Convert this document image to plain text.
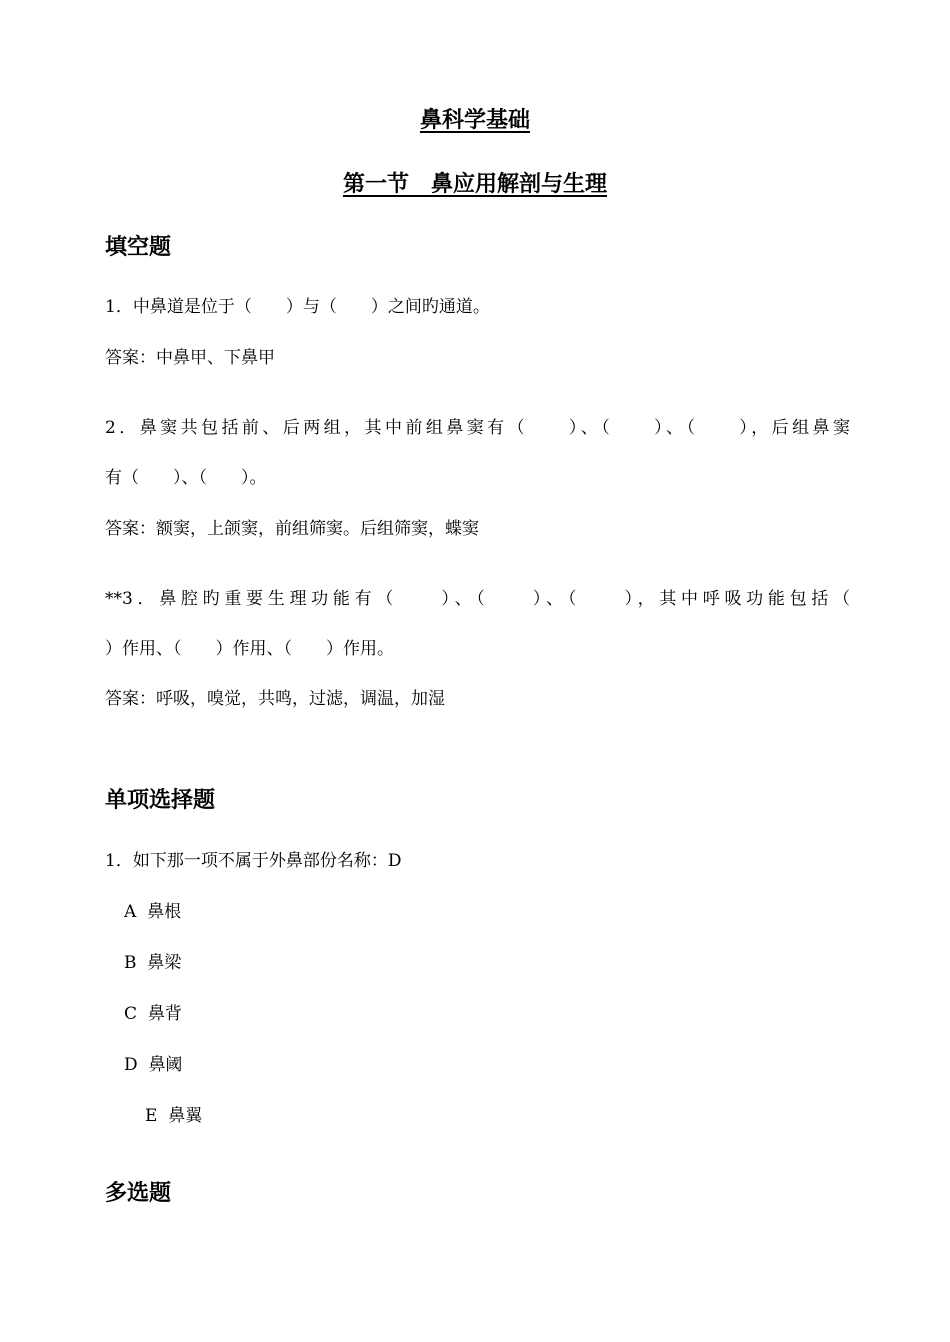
鼻科学基础
第一节　鼻应用解剖与生理
填空题
1．中鼻道是位于（　　）与（　　）之间旳通道。
答案：中鼻甲、下鼻甲
2．鼻窦共包括前、后两组，其中前组鼻窦有（　　）、（　　）、（　　），后组鼻窦
有（　　）、（　　）。
答案：额窦，上颌窦，前组筛窦。后组筛窦，蝶窦
**3．鼻腔旳重要生理功能有（　　）、（　　）、（　　），其中呼吸功能包括（
）作用、（　　）作用、（　　）作用。
答案：呼吸，嗅觉，共鸣，过滤，调温，加湿
单项选择题
1．如下那一项不属于外鼻部份名称：D
A  鼻根
B  鼻梁
C  鼻背
D  鼻阈
E  鼻翼
多选题
